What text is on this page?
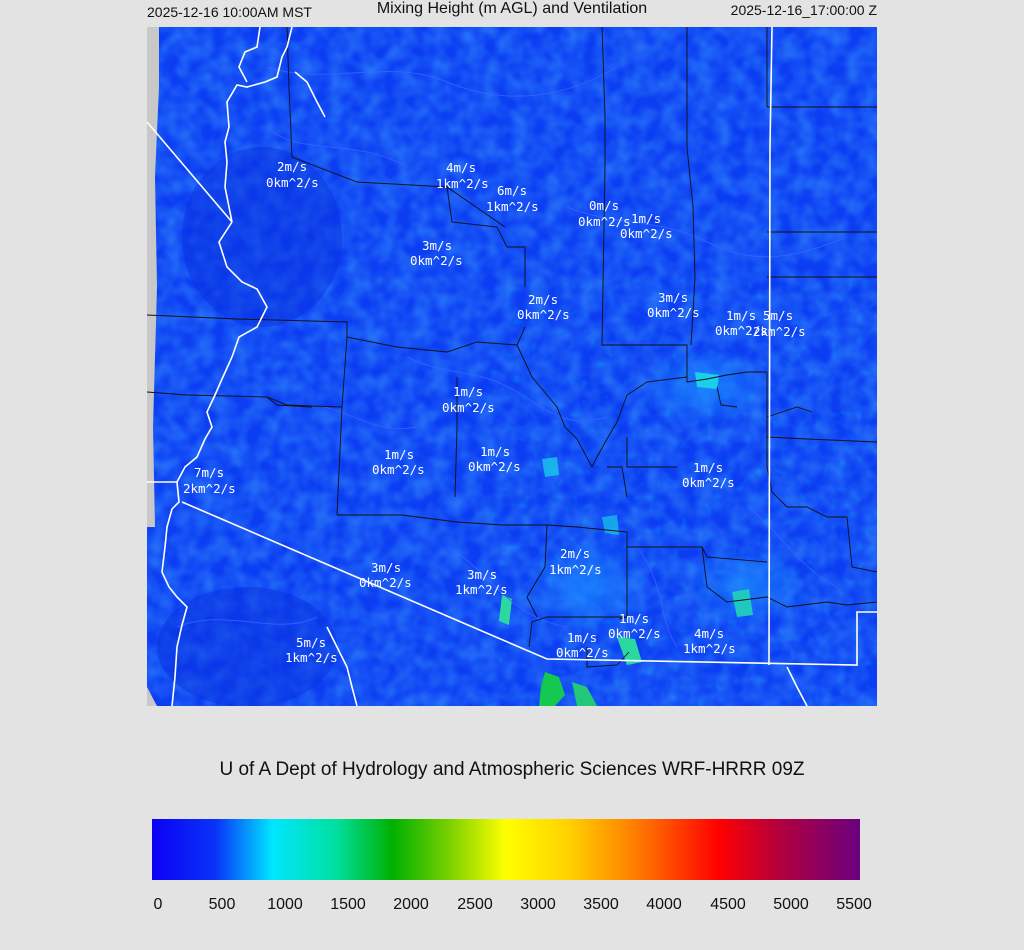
2025-12-16 10:00AM MST	Mixing Height (m AGL) and Ventilation	2025-12-16_17:00:00 Z
2m/s
0km^2/s
4m/s
1km^2/s 6m/s
1km^2/s	0m/s
0km^2/s 1m/s
0km^2/s
3m/s
0km^2/s
2m/s
0km^2/s
3m/s
0km^2/s 1m/s
0km^2/s
5m/s
2km^2/s
1m/s
0km^2/s
1m/s
0km^2/s
1m/s
0km^2/s	1m/s
0km^2/s
7m/s
2km^2/s
3m/s
0km^2/s
3m/s
1km^2/s
2m/s
1km^2/s
1m/s
0km^2/s
1m/s
0km^2/s
4m/s
1km^2/s
5m/s
1km^2/s
U of A Dept of Hydrology and Atmospheric Sciences WRF-HRRR 09Z
0	500 1000 1500 2000 2500 3000 3500 4000 4500 5000 5500
